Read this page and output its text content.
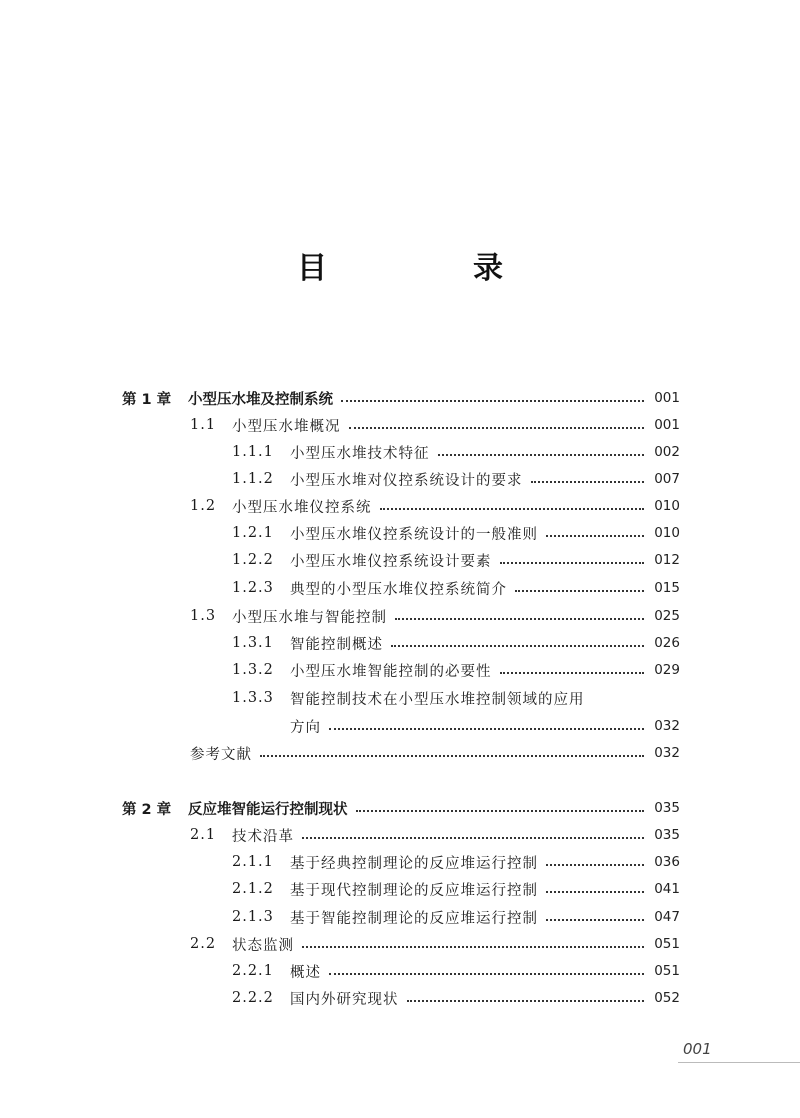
目　录
第 1 章	小型压水堆及控制系统	001
1.1	小型压水堆概况	001
1.1.1	小型压水堆技术特征	002
1.1.2	小型压水堆对仪控系统设计的要求	007
1.2	小型压水堆仪控系统	010
1.2.1	小型压水堆仪控系统设计的一般准则	010
1.2.2	小型压水堆仪控系统设计要素	012
1.2.3	典型的小型压水堆仪控系统简介	015
1.3	小型压水堆与智能控制	025
1.3.1	智能控制概述	026
1.3.2	小型压水堆智能控制的必要性	029
1.3.3	智能控制技术在小型压水堆控制领域的应用
方向	032
参考文献	032
第 2 章	反应堆智能运行控制现状	035
2.1	技术沿革	035
2.1.1	基于经典控制理论的反应堆运行控制	036
2.1.2	基于现代控制理论的反应堆运行控制	041
2.1.3	基于智能控制理论的反应堆运行控制	047
2.2	状态监测	051
2.2.1	概述	051
2.2.2	国内外研究现状	052
001
